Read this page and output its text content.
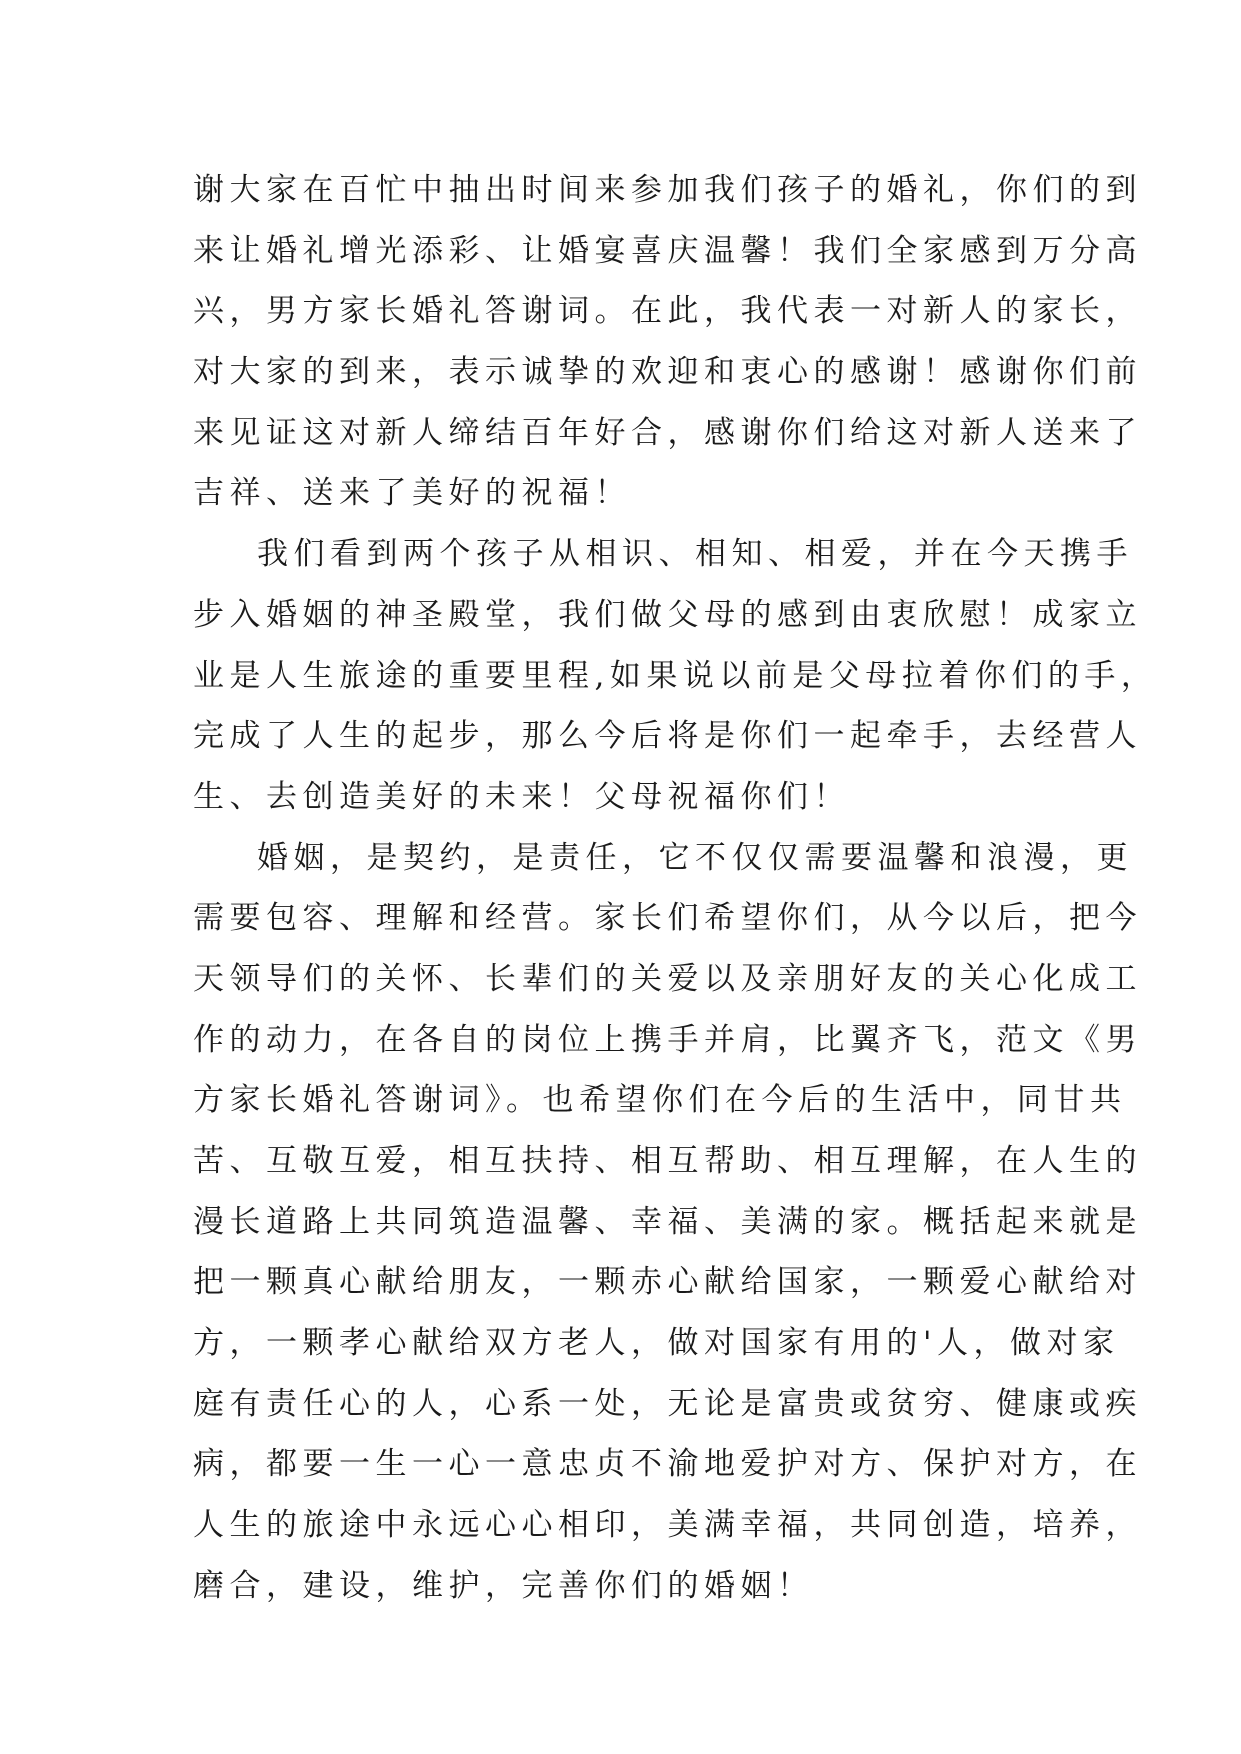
谢大家在百忙中抽出时间来参加我们孩子的婚礼，你们的到
来让婚礼增光添彩、让婚宴喜庆温馨！我们全家感到万分高
兴，男方家长婚礼答谢词。在此，我代表一对新人的家长，
对大家的到来，表示诚挚的欢迎和衷心的感谢！感谢你们前
来见证这对新人缔结百年好合，感谢你们给这对新人送来了
吉祥、送来了美好的祝福！
我们看到两个孩子从相识、相知、相爱，并在今天携手
步入婚姻的神圣殿堂，我们做父母的感到由衷欣慰！成家立
业是人生旅途的重要里程,如果说以前是父母拉着你们的手，
完成了人生的起步，那么今后将是你们一起牵手，去经营人
生、去创造美好的未来！父母祝福你们！
婚姻，是契约，是责任，它不仅仅需要温馨和浪漫，更
需要包容、理解和经营。家长们希望你们，从今以后，把今
天领导们的关怀、长辈们的关爱以及亲朋好友的关心化成工
作的动力，在各自的岗位上携手并肩，比翼齐飞，范文《男
方家长婚礼答谢词》。也希望你们在今后的生活中，同甘共
苦、互敬互爱，相互扶持、相互帮助、相互理解，在人生的
漫长道路上共同筑造温馨、幸福、美满的家。概括起来就是
把一颗真心献给朋友，一颗赤心献给国家，一颗爱心献给对
方，一颗孝心献给双方老人，做对国家有用的'人，做对家
庭有责任心的人，心系一处，无论是富贵或贫穷、健康或疾
病，都要一生一心一意忠贞不渝地爱护对方、保护对方，在
人生的旅途中永远心心相印，美满幸福，共同创造，培养，
磨合，建设，维护，完善你们的婚姻！
